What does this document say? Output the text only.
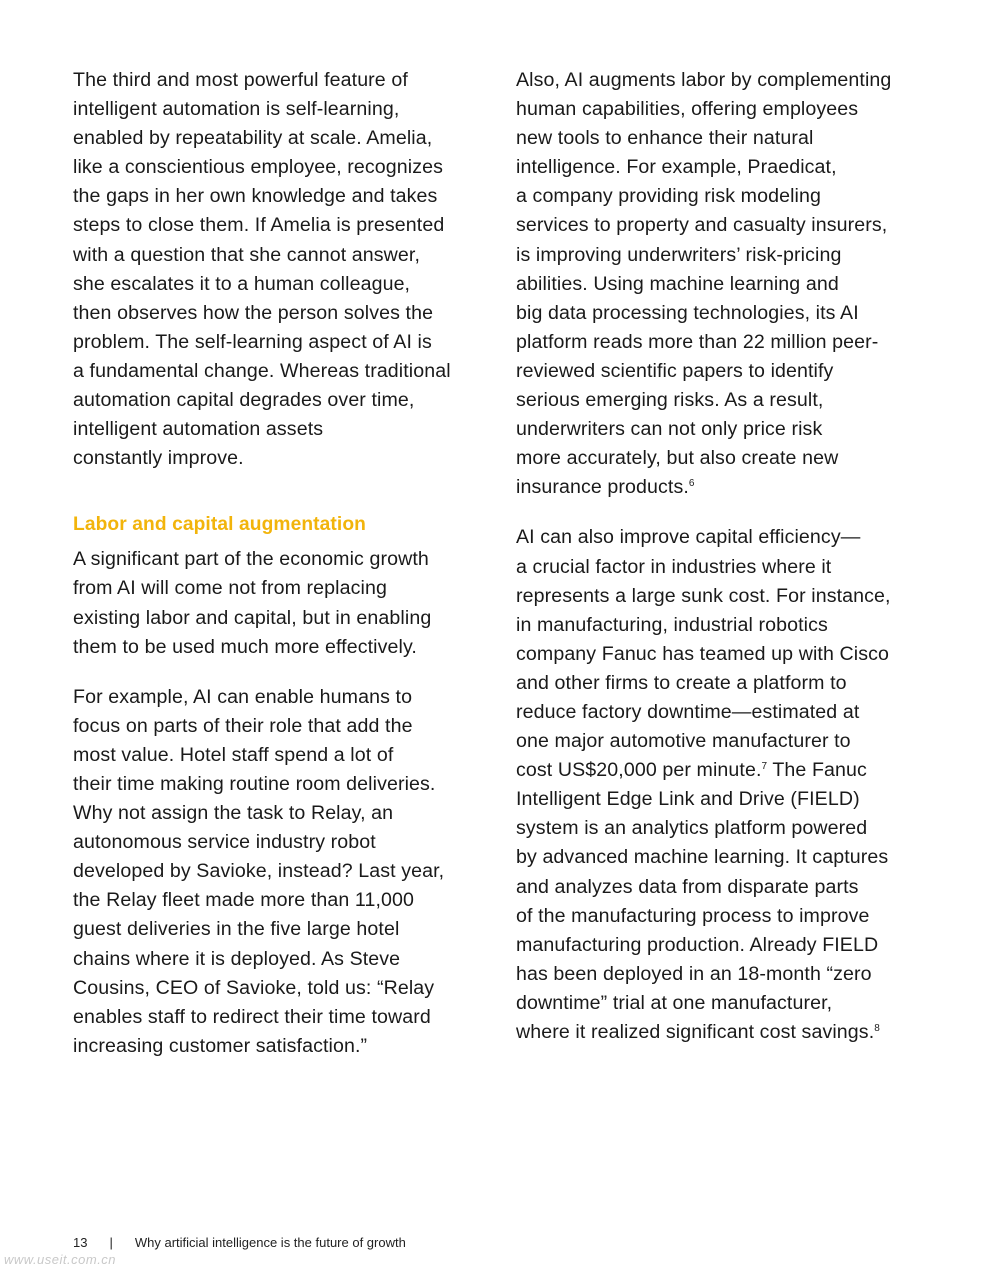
The third and most powerful feature of
intelligent automation is self-learning,
enabled by repeatability at scale. Amelia,
like a conscientious employee, recognizes
the gaps in her own knowledge and takes
steps to close them. If Amelia is presented
with a question that she cannot answer,
she escalates it to a human colleague,
then observes how the person solves the
problem. The self-learning aspect of AI is
a fundamental change. Whereas traditional
automation capital degrades over time,
intelligent automation assets
constantly improve.

Labor and capital augmentation

A significant part of the economic growth
from AI will come not from replacing
existing labor and capital, but in enabling
them to be used much more effectively.

For example, AI can enable humans to
focus on parts of their role that add the
most value. Hotel staff spend a lot of
their time making routine room deliveries.
Why not assign the task to Relay, an
autonomous service industry robot
developed by Savioke, instead? Last year,
the Relay fleet made more than 11,000
guest deliveries in the five large hotel
chains where it is deployed. As Steve
Cousins, CEO of Savioke, told us: “Relay
enables staff to redirect their time toward
increasing customer satisfaction.”

Also, AI augments labor by complementing
human capabilities, offering employees
new tools to enhance their natural
intelligence. For example, Praedicat,
a company providing risk modeling
services to property and casualty insurers,
is improving underwriters’ risk-pricing
abilities. Using machine learning and
big data processing technologies, its AI
platform reads more than 22 million peer-
reviewed scientific papers to identify
serious emerging risks. As a result,
underwriters can not only price risk
more accurately, but also create new
insurance products.$^6$

AI can also improve capital efficiency—
a crucial factor in industries where it
represents a large sunk cost. For instance,
in manufacturing, industrial robotics
company Fanuc has teamed up with Cisco
and other firms to create a platform to
reduce factory downtime—estimated at
one major automotive manufacturer to
cost US$20,000 per minute.$^7$ The Fanuc
Intelligent Edge Link and Drive (FIELD)
system is an analytics platform powered
by advanced machine learning. It captures
and analyzes data from disparate parts
of the manufacturing process to improve
manufacturing production. Already FIELD
has been deployed in an 18-month “zero
downtime” trial at one manufacturer,
where it realized significant cost savings.$^8$

13 | Why artificial intelligence is the future of growth
www.useit.com.cn
